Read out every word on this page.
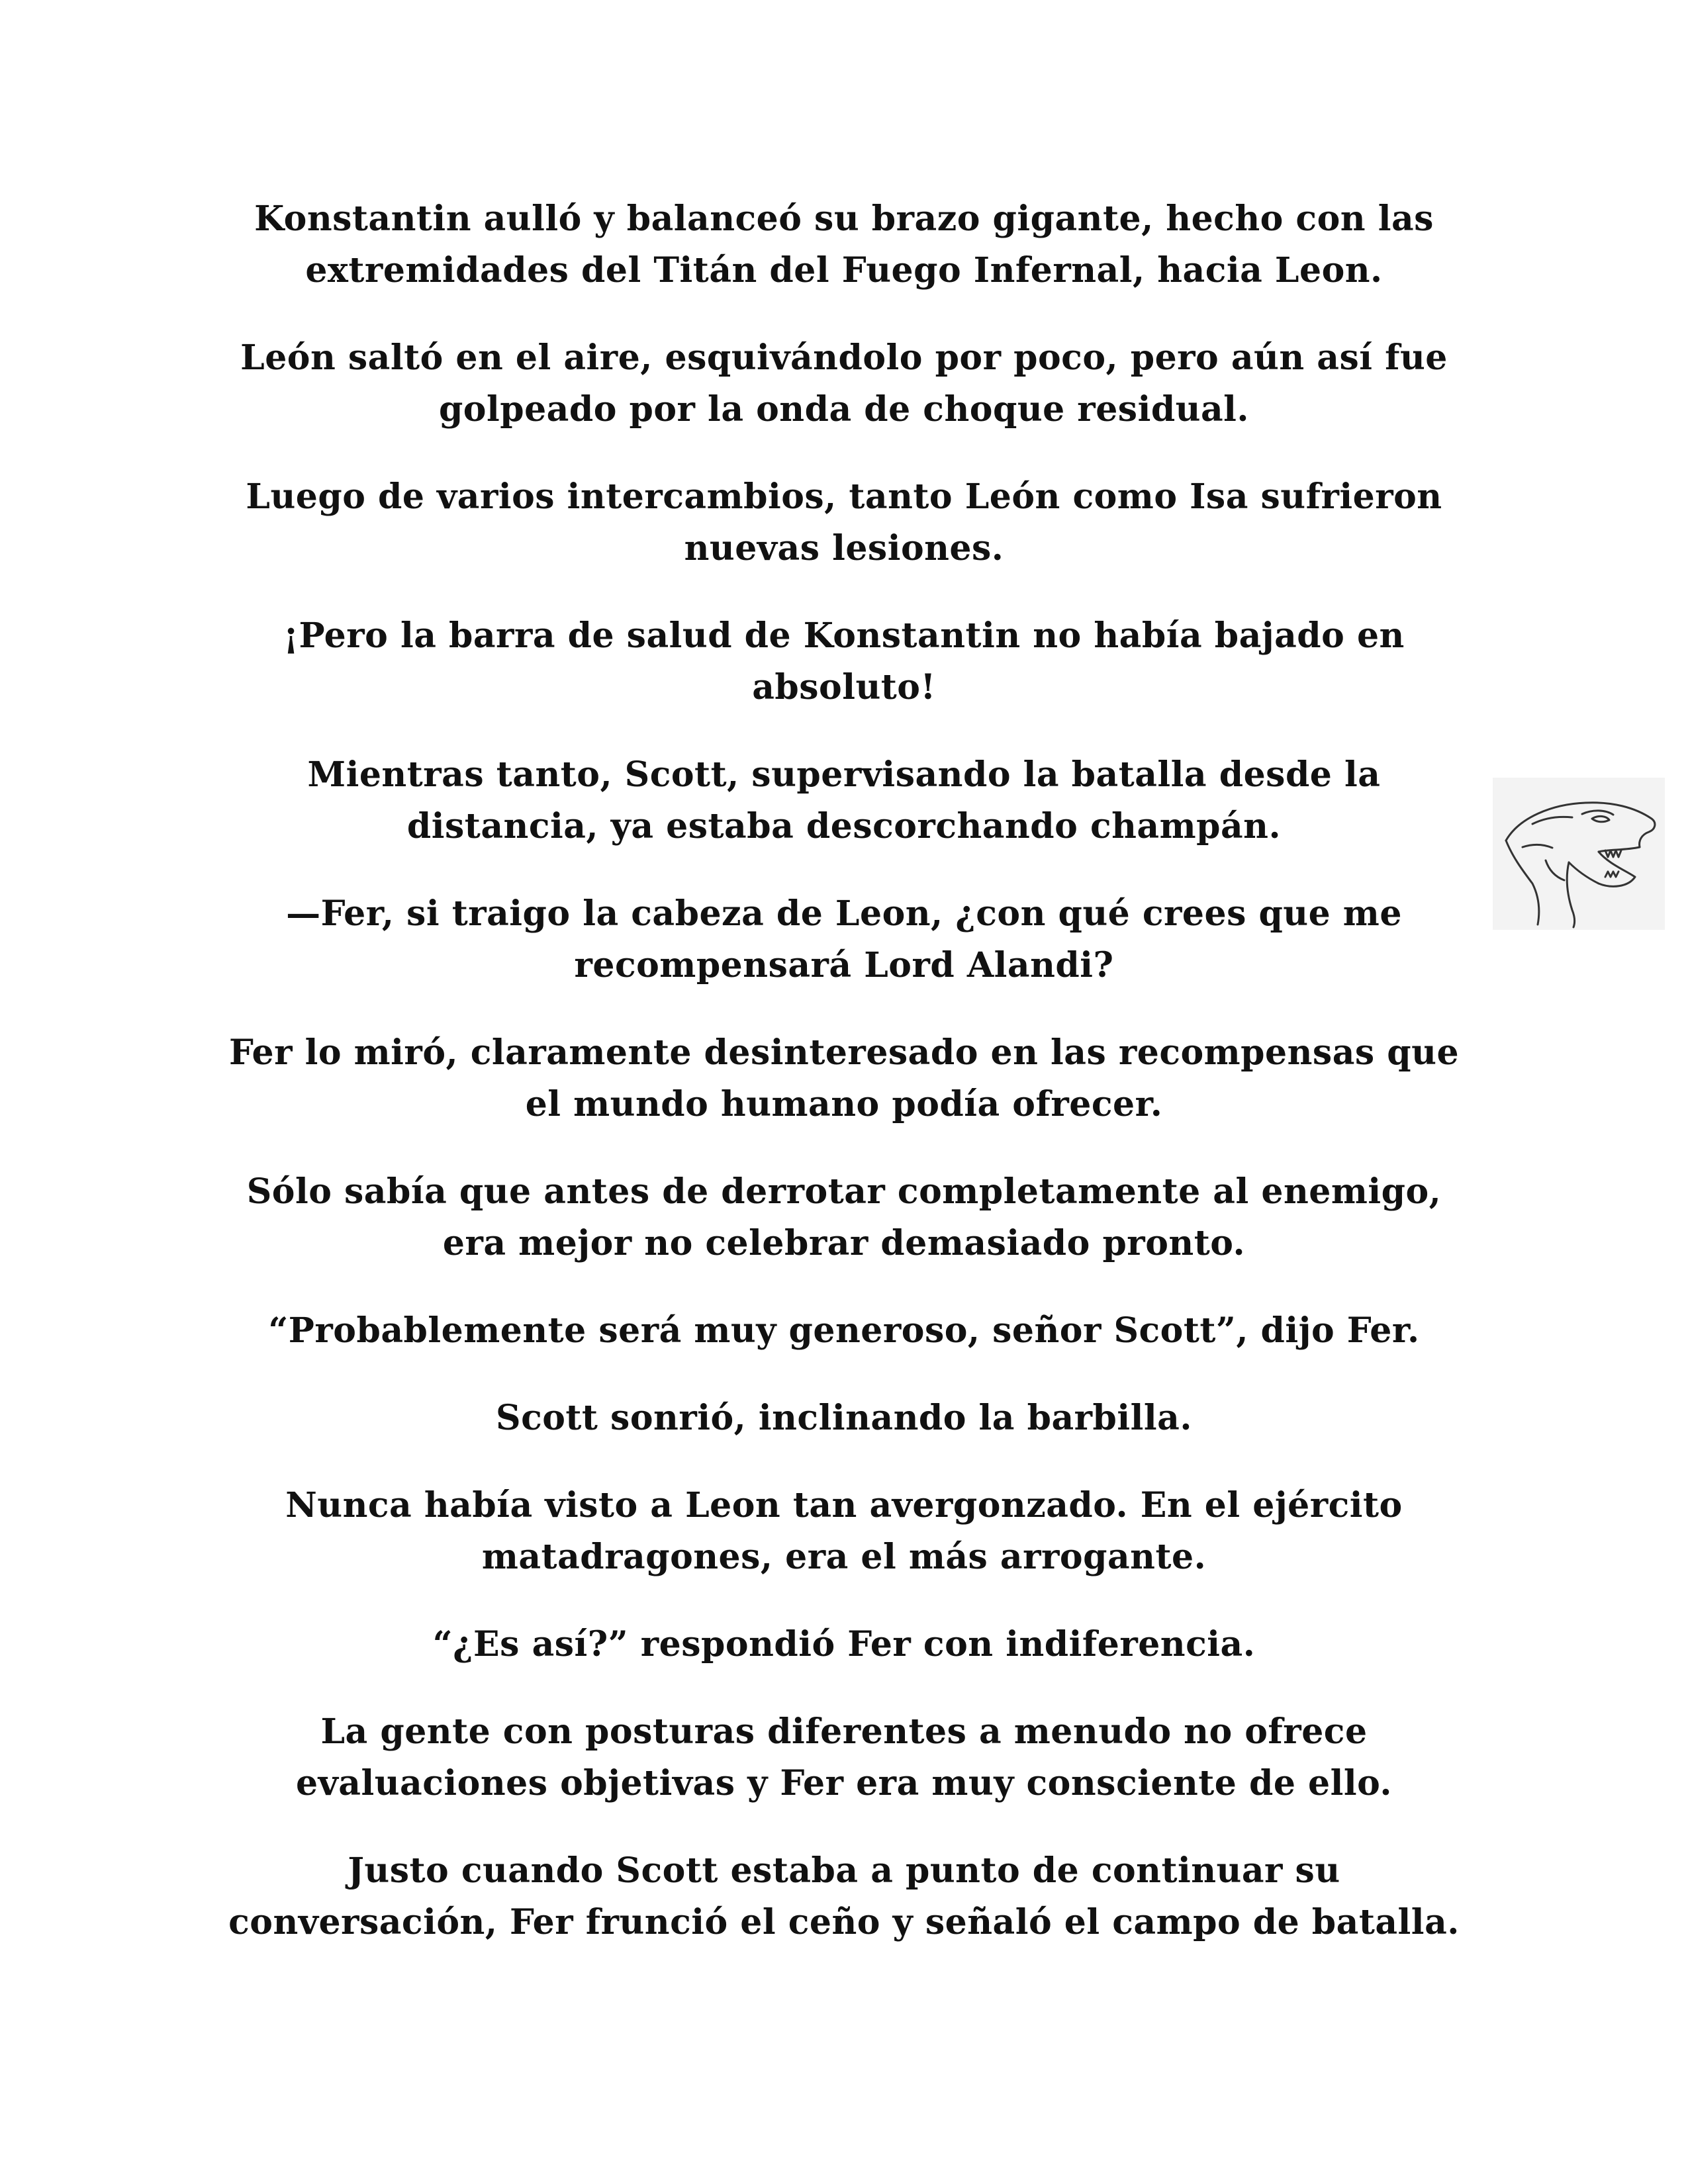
Konstantin aulló y balanceó su brazo gigante, hecho con las extremidades del Titán del Fuego Infernal, hacia Leon.

León saltó en el aire, esquivándolo por poco, pero aún así fue golpeado por la onda de choque residual.

Luego de varios intercambios, tanto León como Isa sufrieron nuevas lesiones.

¡Pero la barra de salud de Konstantin no había bajado en absoluto!

Mientras tanto, Scott, supervisando la batalla desde la distancia, ya estaba descorchando champán.

—Fer, si traigo la cabeza de Leon, ¿con qué crees que me recompensará Lord Alandi?

Fer lo miró, claramente desinteresado en las recompensas que el mundo humano podía ofrecer.

Sólo sabía que antes de derrotar completamente al enemigo, era mejor no celebrar demasiado pronto.

“Probablemente será muy generoso, señor Scott”, dijo Fer.

Scott sonrió, inclinando la barbilla.

Nunca había visto a Leon tan avergonzado. En el ejército matadragones, era el más arrogante.

“¿Es así?” respondió Fer con indiferencia.

La gente con posturas diferentes a menudo no ofrece evaluaciones objetivas y Fer era muy consciente de ello.

Justo cuando Scott estaba a punto de continuar su conversación, Fer frunció el ceño y señaló el campo de batalla.
